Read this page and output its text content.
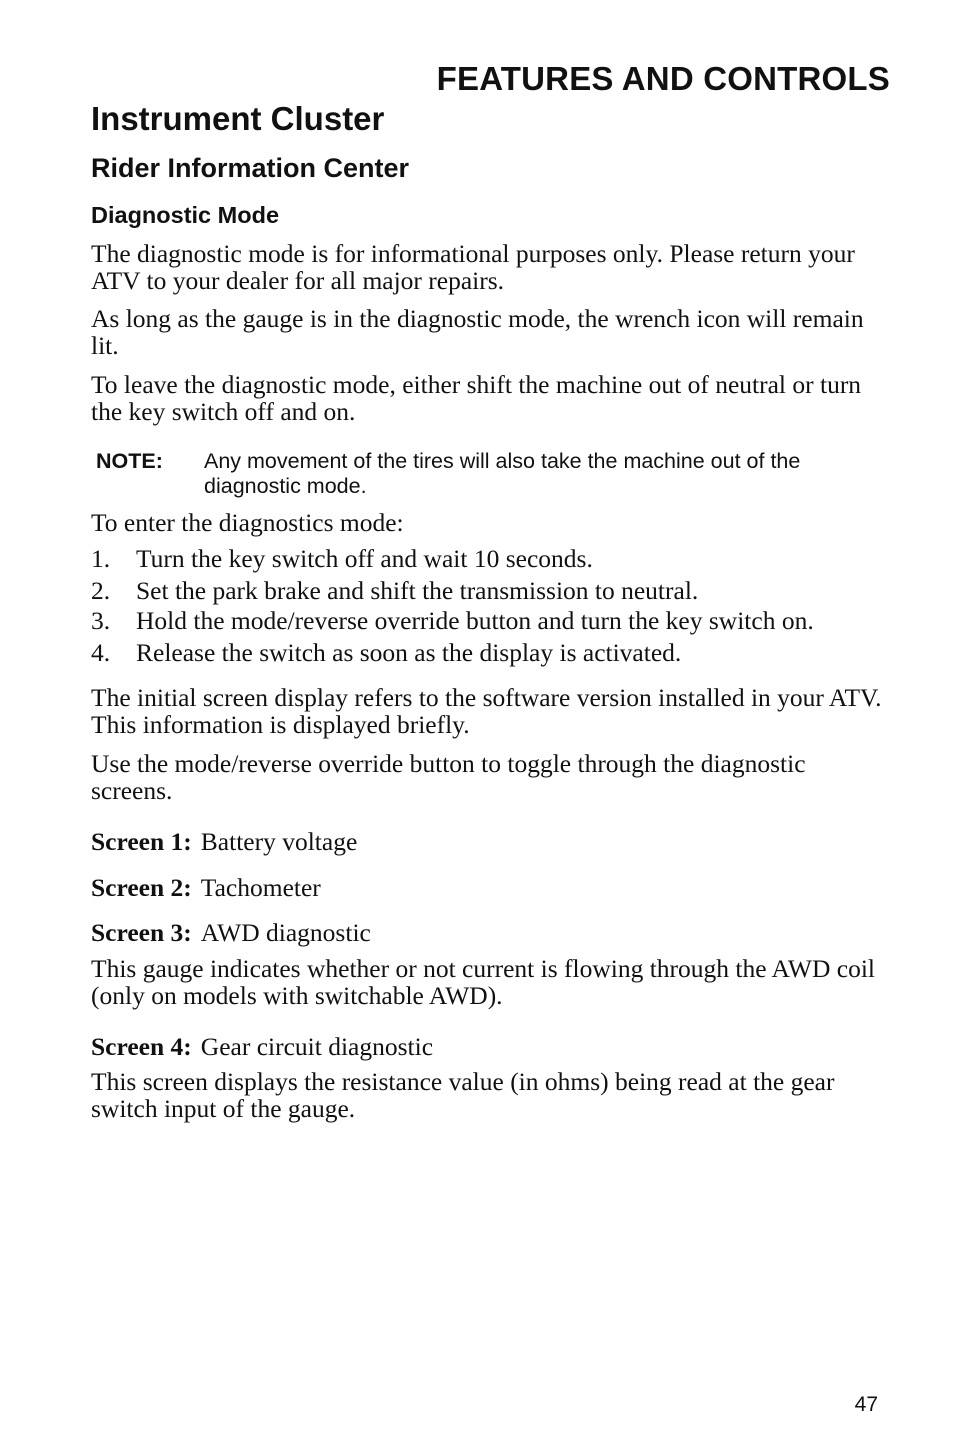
FEATURES AND CONTROLS
Instrument Cluster
Rider Information Center
Diagnostic Mode

The diagnostic mode is for informational purposes only. Please return your ATV to your dealer for all major repairs.

As long as the gauge is in the diagnostic mode, the wrench icon will remain lit.

To leave the diagnostic mode, either shift the machine out of neutral or turn the key switch off and on.

NOTE: Any movement of the tires will also take the machine out of the diagnostic mode.

To enter the diagnostics mode:

1. Turn the key switch off and wait 10 seconds.
2. Set the park brake and shift the transmission to neutral.
3. Hold the mode/reverse override button and turn the key switch on.
4. Release the switch as soon as the display is activated.

The initial screen display refers to the software version installed in your ATV. This information is displayed briefly.

Use the mode/reverse override button to toggle through the diagnostic screens.

Screen 1: Battery voltage

Screen 2: Tachometer

Screen 3: AWD diagnostic

This gauge indicates whether or not current is flowing through the AWD coil (only on models with switchable AWD).

Screen 4: Gear circuit diagnostic

This screen displays the resistance value (in ohms) being read at the gear switch input of the gauge.

47
